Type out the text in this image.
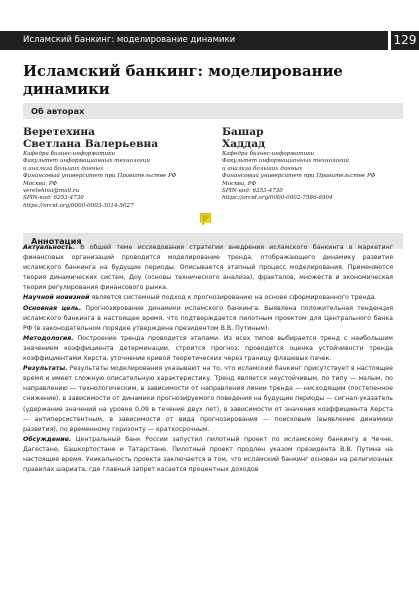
Исламский банкинг: моделирование динамики	129
Исламский банкинг: моделирование динамики
Об авторах
Веретехина
Светлана Валерьевна
Кафедра бизнес-информатики
Факультет информационных технологий
и анализа больших данных
Финансовый университет при Правительстве РФ
Москва, РФ
veretehina@mail.ru
SPIN-код: 6253-4730
https://orcid.org/0000-0003-3014-5027
Башар
Хаддад
Кафедра бизнес-информатики
Факультет информационных технологий
и анализа больших данных
Финансовый университет при Правительстве РФ
Москва, РФ
SPIN-код: 6253-4730
https://orcid.org/0000-0002-7586-6904
Аннотация

Актуальность. В общей теме исследования стратегии внедрения исламского банкинга в маркетинг финансовых организаций проводится моделирование тренда, отображающего динамику развития исламского банкинга на будущие периоды. Описывается этапный процесс моделирования. Применяются теория динамических систем, Доу (основы технического анализа), фракталов, множеств и экономическая теория регулирования финансового рынка.

Научной новизной является системный подход к прогнозированию на основе сформированного тренда.

Основная цель. Прогнозирование динамики исламского банкинга. Выявлена положительная тенденция исламского банкинга в настоящее время, что подтверждается пилотным проектом для Центрального банка РФ (в законодательном порядке утверждена президентом В.В. Путиным).

Методология. Построение тренда проводится этапами. Из всех типов выбирается тренд с наибольшим значением коэффициента детерминации, строится прогноз, проводится оценка устойчивости тренда коэффициентами Херста, уточнение кривой теоретических через границу флэшевых пачек.

Результаты. Результаты моделирования указывают на то, что исламский банкинг присутствует в настоящее время и имеет сложную описательную характеристику. Тренд является неустойчивым, по типу — малым, по направлению — технологическим, в зависимости от направления линии тренда — нисходящим (постепенное снижение), в зависимости от динамики прогнозируемого поведения на будущие периоды — сигнал-указатель (удержание значений на уровне 0,09 в течение двух лет), в зависимости от значения коэффициента Херста — антиперсистентным, в зависимости от вида прогнозирования — поисковым (выявление динамики развития), по временному горизонту — краткосрочным.

Обсуждение. Центральный банк России запустил пилотный проект по исламскому банкингу в Чечне, Дагестане, Башкортостане и Татарстане. Пилотный проект продлен указом президента В.В. Путина на настоящее время. Уникальность проекта заключается в том, что исламский банкинг основан на религиозных правилах шариата, где главный запрет касается процентных доходов
